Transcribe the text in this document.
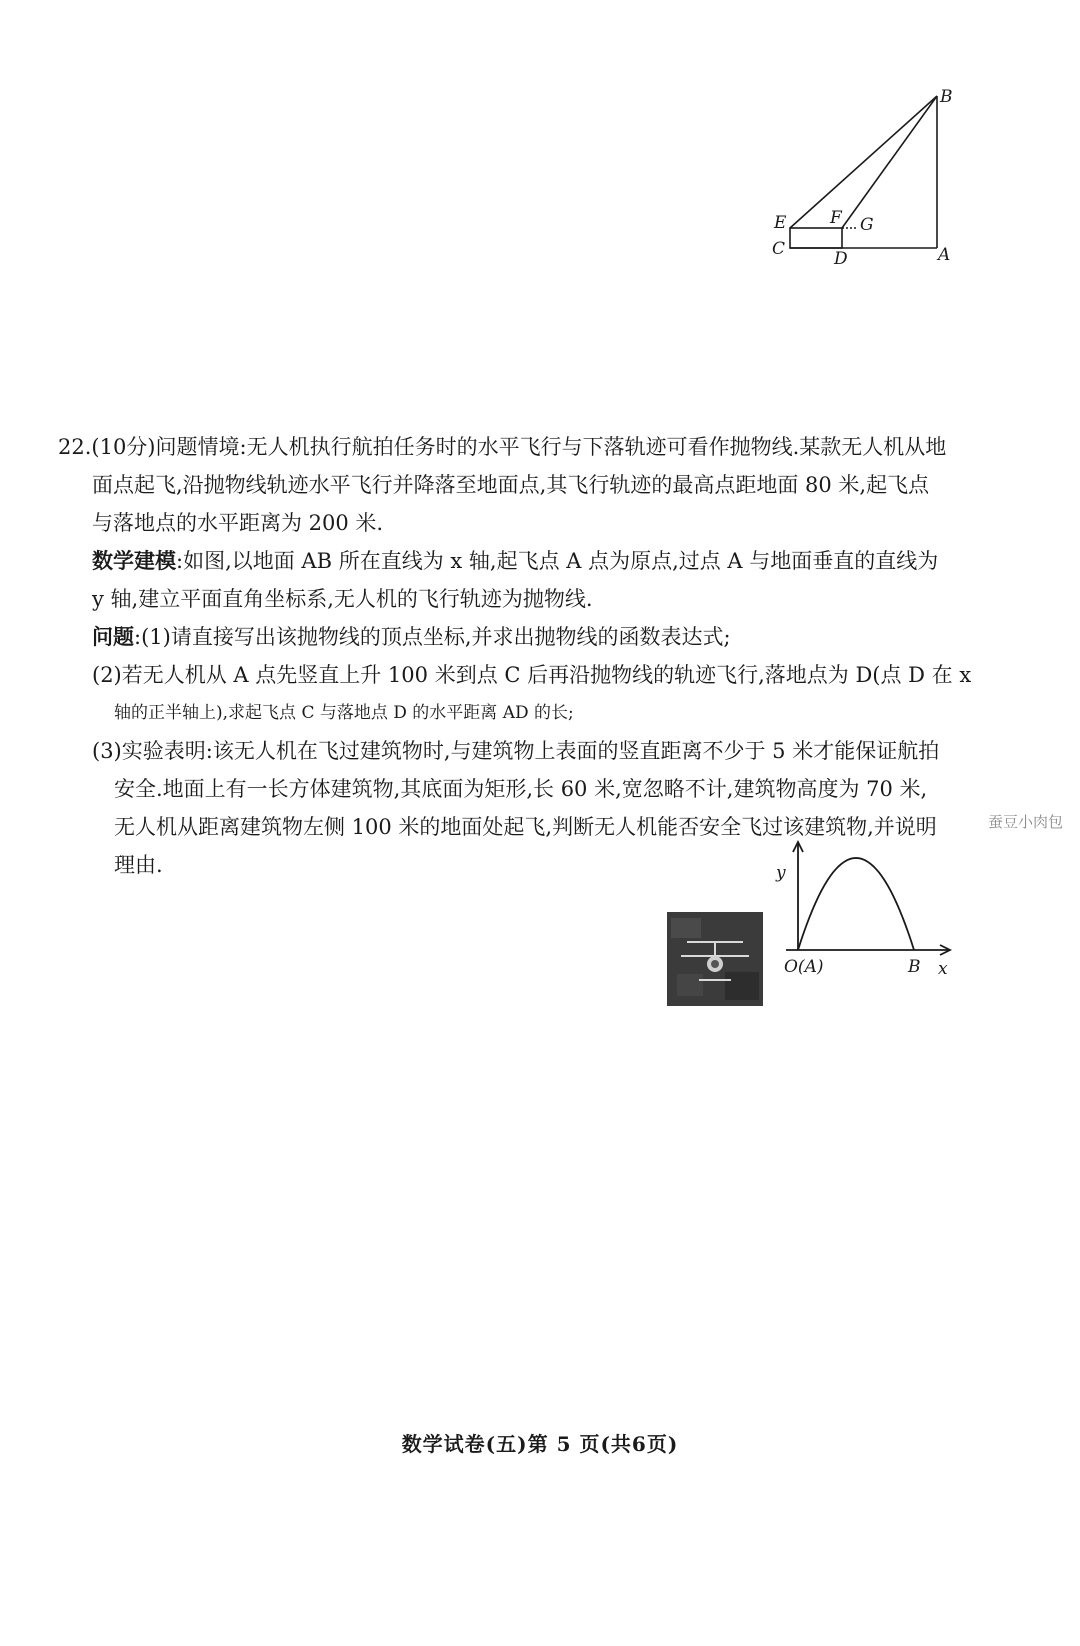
B
E	F G
C	D	A
22.(10分)问题情境:无人机执行航拍任务时的水平飞行与下落轨迹可看作抛物线.某款无人机从地
面点起飞,沿抛物线轨迹水平飞行并降落至地面点,其飞行轨迹的最高点距地面 80 米,起飞点
与落地点的水平距离为 200 米.
数学建模:如图,以地面 AB 所在直线为 x 轴,起飞点 A 点为原点,过点 A 与地面垂直的直线为
y 轴,建立平面直角坐标系,无人机的飞行轨迹为抛物线.
问题:(1)请直接写出该抛物线的顶点坐标,并求出抛物线的函数表达式;
(2)若无人机从 A 点先竖直上升 100 米到点 C 后再沿抛物线的轨迹飞行,落地点为 D(点 D 在 x
轴的正半轴上),求起飞点 C 与落地点 D 的水平距离 AD 的长;
(3)实验表明:该无人机在飞过建筑物时,与建筑物上表面的竖直距离不少于 5 米才能保证航拍
安全.地面上有一长方体建筑物,其底面为矩形,长 60 米,宽忽略不计,建筑物高度为 70 米,
无人机从距离建筑物左侧 100 米的地面处起飞,判断无人机能否安全飞过该建筑物,并说明
理由.
蚕豆小肉包
y
x
O(A)	B
数学试卷(五)第 5 页(共6页)
